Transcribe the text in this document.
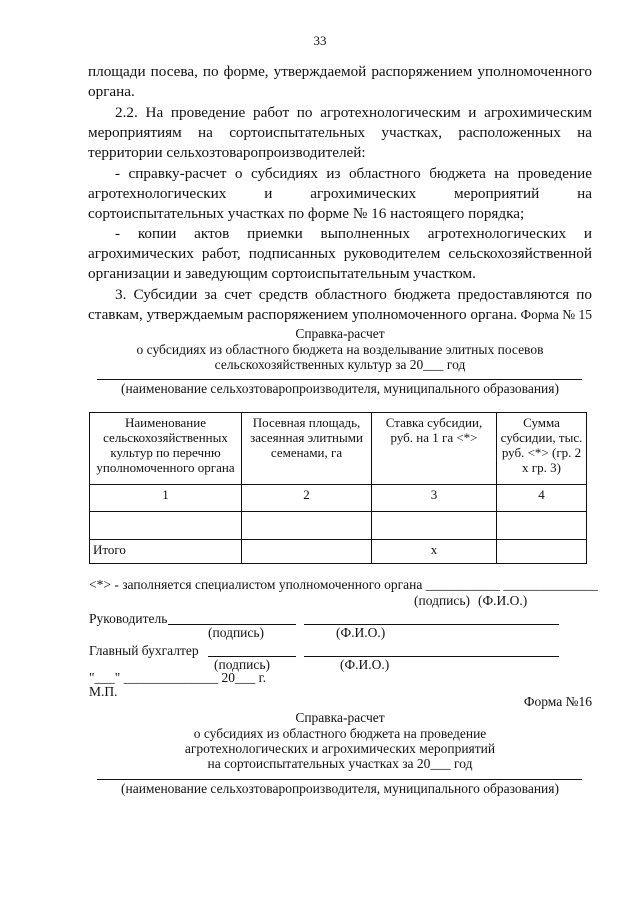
33
площади посева, по форме, утверждаемой распоряжением уполномоченного органа.
2.2. На проведение работ по агротехнологическим и агрохимическим мероприятиям на сортоиспытательных участках, расположенных на территории сельхозтоваропроизводителей:
- справку-расчет о субсидиях из областного бюджета на проведение агротехнологических и агрохимических мероприятий на сортоиспытательных участках по форме № 16 настоящего порядка;
- копии актов приемки выполненных агротехнологических и агрохимических работ, подписанных руководителем сельскохозяйственной организации и заведующим сортоиспытательным участком.
3. Субсидии за счет средств областного бюджета предоставляются по ставкам, утверждаемым распоряжением уполномоченного органа. Форма № 15
Справка-расчет
о субсидиях из областного бюджета на возделывание элитных посевов
сельскохозяйственных культур за 20___ год
(наименование сельхозтоваропроизводителя, муниципального образования)
Наименование сельскохозяйственных культур по перечню уполномоченного органа	Посевная площадь, засеянная элитными семенами, га	Ставка субсидии, руб. на 1 га <*>	Сумма субсидии, тыс. руб. <*> (гр. 2 х гр. 3)
1	2	3	4

Итого		х	
<*> - заполняется специалистом уполномоченного органа ___________ ______________
(подпись) (Ф.И.О.)
Руководитель
(подпись)	(Ф.И.О.)
Главный бухгалтер
(подпись)	(Ф.И.О.)
"___" ______________ 20___ г.
М.П.
Форма №16
Справка-расчет
о субсидиях из областного бюджета на проведение
агротехнологических и агрохимических мероприятий
на сортоиспытательных участках за 20___ год
(наименование сельхозтоваропроизводителя, муниципального образования)
